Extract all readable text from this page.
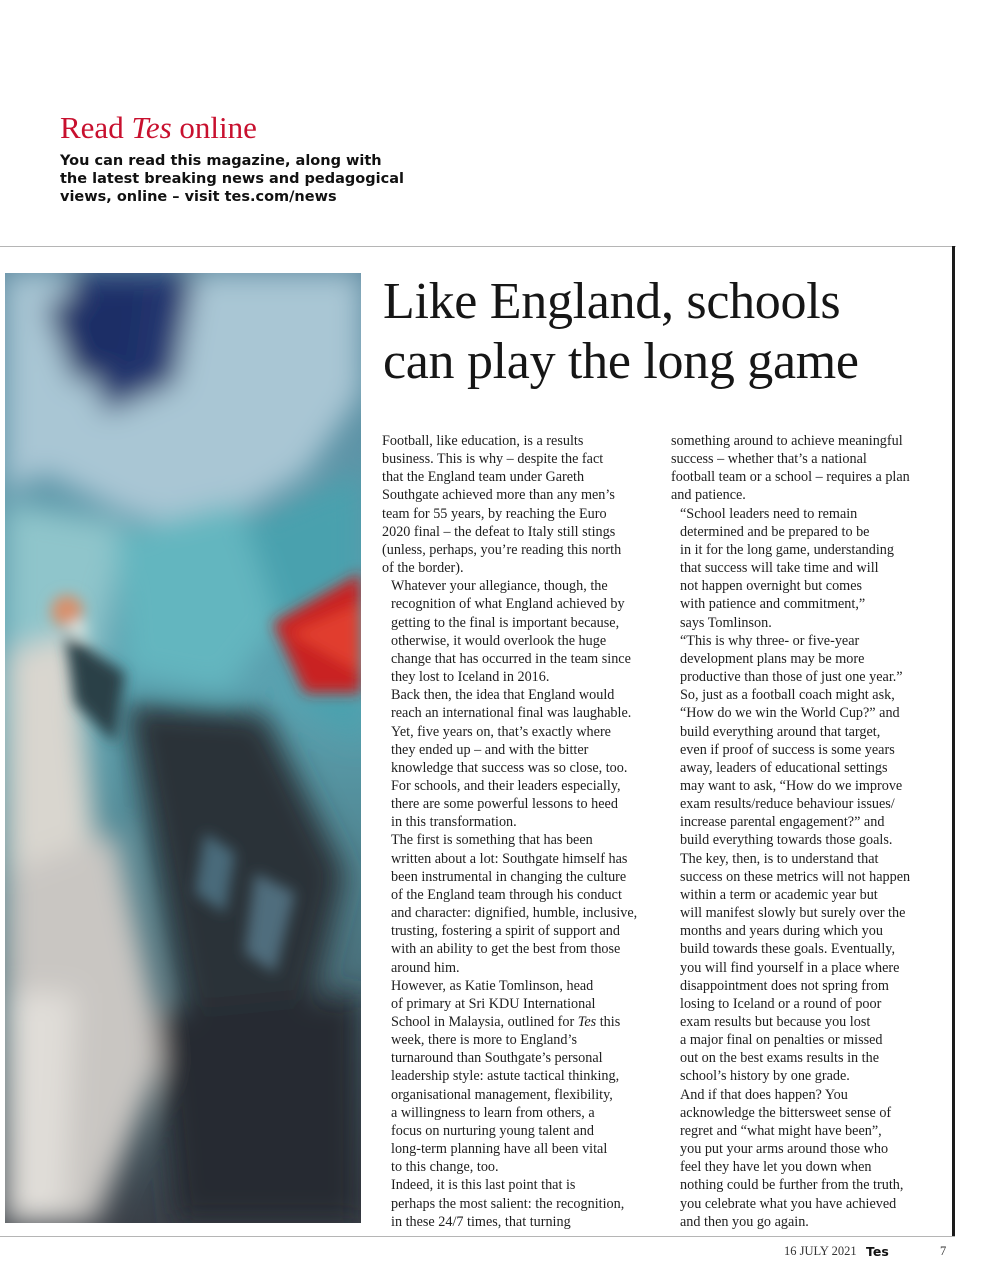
Read Tes online
You can read this magazine, along with
the latest breaking news and pedagogical
views, online – visit tes.com/news
Like England, schools
can play the long game

Football, like education, is a results
business. This is why – despite the fact
that the England team under Gareth
Southgate achieved more than any men’s
team for 55 years, by reaching the Euro
2020 final – the defeat to Italy still stings
(unless, perhaps, you’re reading this north
of the border).

Whatever your allegiance, though, the
recognition of what England achieved by
getting to the final is important because,
otherwise, it would overlook the huge
change that has occurred in the team since
they lost to Iceland in 2016.

Back then, the idea that England would
reach an international final was laughable.
Yet, five years on, that’s exactly where
they ended up – and with the bitter
knowledge that success was so close, too.
For schools, and their leaders especially,
there are some powerful lessons to heed
in this transformation.

The first is something that has been
written about a lot: Southgate himself has
been instrumental in changing the culture
of the England team through his conduct
and character: dignified, humble, inclusive,
trusting, fostering a spirit of support and
with an ability to get the best from those
around him.

However, as Katie Tomlinson, head
of primary at Sri KDU International
School in Malaysia, outlined for Tes this
week, there is more to England’s
turnaround than Southgate’s personal
leadership style: astute tactical thinking,
organisational management, flexibility,
a willingness to learn from others, a
focus on nurturing young talent and
long-term planning have all been vital
to this change, too.

Indeed, it is this last point that is
perhaps the most salient: the recognition,
in these 24/7 times, that turning

something around to achieve meaningful
success – whether that’s a national
football team or a school – requires a plan
and patience.

“School leaders need to remain
determined and be prepared to be
in it for the long game, understanding
that success will take time and will
not happen overnight but comes
with patience and commitment,”
says Tomlinson.

“This is why three- or five-year
development plans may be more
productive than those of just one year.”

So, just as a football coach might ask,
“How do we win the World Cup?” and
build everything around that target,
even if proof of success is some years
away, leaders of educational settings
may want to ask, “How do we improve
exam results/reduce behaviour issues/
increase parental engagement?” and
build everything towards those goals.

The key, then, is to understand that
success on these metrics will not happen
within a term or academic year but
will manifest slowly but surely over the
months and years during which you
build towards these goals. Eventually,
you will find yourself in a place where
disappointment does not spring from
losing to Iceland or a round of poor
exam results but because you lost
a major final on penalties or missed
out on the best exams results in the
school’s history by one grade.

And if that does happen? You
acknowledge the bittersweet sense of
regret and “what might have been”,
you put your arms around those who
feel they have let you down when
nothing could be further from the truth,
you celebrate what you have achieved
and then you go again.

16 JULY 2021 Tes	7
